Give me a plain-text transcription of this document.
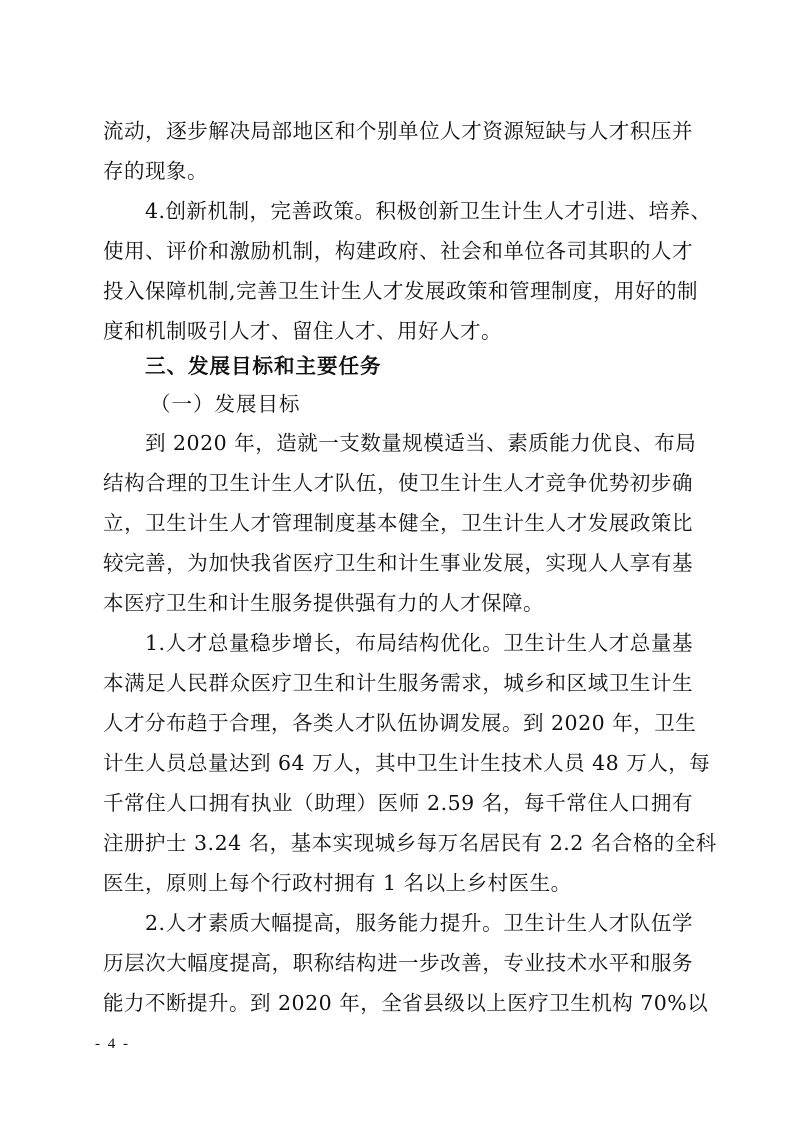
流动，逐步解决局部地区和个别单位人才资源短缺与人才积压并
存的现象。
4.创新机制，完善政策。积极创新卫生计生人才引进、培养、
使用、评价和激励机制，构建政府、社会和单位各司其职的人才
投入保障机制,完善卫生计生人才发展政策和管理制度，用好的制
度和机制吸引人才、留住人才、用好人才。
三、发展目标和主要任务
（一）发展目标
到 2020 年，造就一支数量规模适当、素质能力优良、布局
结构合理的卫生计生人才队伍，使卫生计生人才竞争优势初步确
立，卫生计生人才管理制度基本健全，卫生计生人才发展政策比
较完善，为加快我省医疗卫生和计生事业发展，实现人人享有基
本医疗卫生和计生服务提供强有力的人才保障。
1.人才总量稳步增长，布局结构优化。卫生计生人才总量基
本满足人民群众医疗卫生和计生服务需求，城乡和区域卫生计生
人才分布趋于合理，各类人才队伍协调发展。到 2020 年，卫生
计生人员总量达到 64 万人，其中卫生计生技术人员 48 万人，每
千常住人口拥有执业（助理）医师 2.59 名，每千常住人口拥有
注册护士 3.24 名，基本实现城乡每万名居民有 2.2 名合格的全科
医生，原则上每个行政村拥有 1 名以上乡村医生。
2.人才素质大幅提高，服务能力提升。卫生计生人才队伍学
历层次大幅度提高，职称结构进一步改善，专业技术水平和服务
能力不断提升。到 2020 年，全省县级以上医疗卫生机构 70%以
- 4 -
